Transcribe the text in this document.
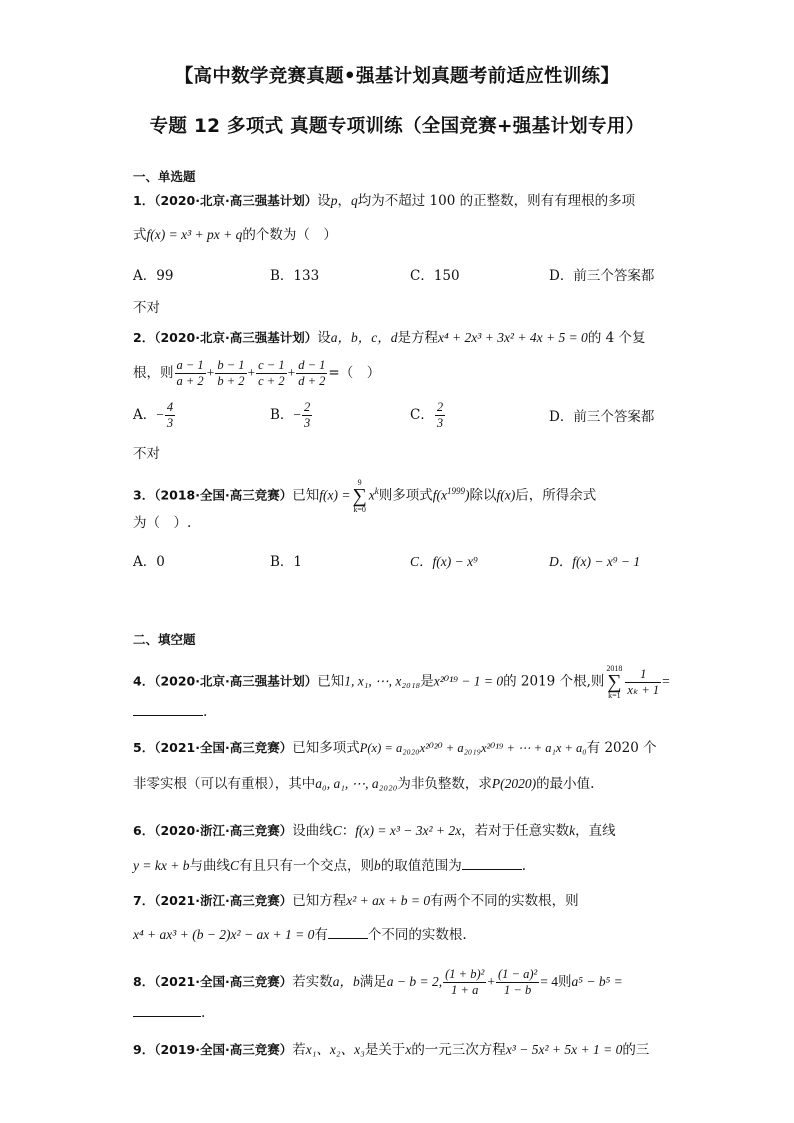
【高中数学竞赛真题•强基计划真题考前适应性训练】
专题 12 多项式 真题专项训练（全国竞赛+强基计划专用）
一、单选题
1．（2020·北京·高三强基计划）设p，q均为不超过 100 的正整数，则有有理根的多项
式f(x) = x³ + px + q的个数为（　）
A．99	B．133	C．150	D．前三个答案都
不对
2．（2020·北京·高三强基计划）设a，b，c，d是方程x⁴ + 2x³ + 3x² + 4x + 5 = 0的 4 个复
根，则 $\frac{a - 1}{a + 2} + \frac{b - 1}{b + 2} + \frac{c - 1}{c + 2} + \frac{d - 1}{d + 2}$ =（　）
A．− $\frac{4}{3}$	B．− $\frac{2}{3}$	C． $\frac{2}{3}$	D．前三个答案都
不对
3．（2018·全国·高三竞赛）已知f(x) =
9
∑
k=0
$x^k$则多项式$f(x^{1999})$除以f(x)后，所得余式
为（　）.
A．0	B．1	C．f(x) − x⁹	D．f(x) − x⁹ − 1
二、填空题
4．（2020·北京·高三强基计划）已知1, x₁, ⋯, x₂₀₁₈是x²⁰¹⁹ − 1 = 0的 2019 个根,则
2018
∑
$k=1 \frac{1}{\text{xₖ + 1}}$ =
.
5．（2021·全国·高三竞赛）已知多项式P(x) = a₂₀₂₀x²⁰²⁰ + a₂₀₁₉x²⁰¹⁹ + ⋯ + a₁x + a₀有 2020 个
非零实根（可以有重根），其中a₀, a₁, ⋯, a₂₀₂₀为非负整数，求P(2020)的最小值.
6．（2020·浙江·高三竞赛）设曲线C：f(x) = x³ − 3x² + 2x，若对于任意实数k，直线
y = kx + b与曲线C有且只有一个交点，则b的取值范围为	.
7．（2021·浙江·高三竞赛）已知方程x² + ax + b = 0有两个不同的实数根，则
x⁴ + ax³ + (b − 2)x² − ax + 1 = 0有	个不同的实数根.
8．（2021·全国·高三竞赛）若实数a，b满足a − b = 2, $\frac{\text{(1 + b)²}}{1 + a} + \frac{\text{(1 − a)²}}{1 - b} = 4$则a⁵ − b⁵ =
.
9．（2019·全国·高三竞赛）若x₁、x₂、x₃是关于x的一元三次方程x³ − 5x² + 5x + 1 = 0的三
